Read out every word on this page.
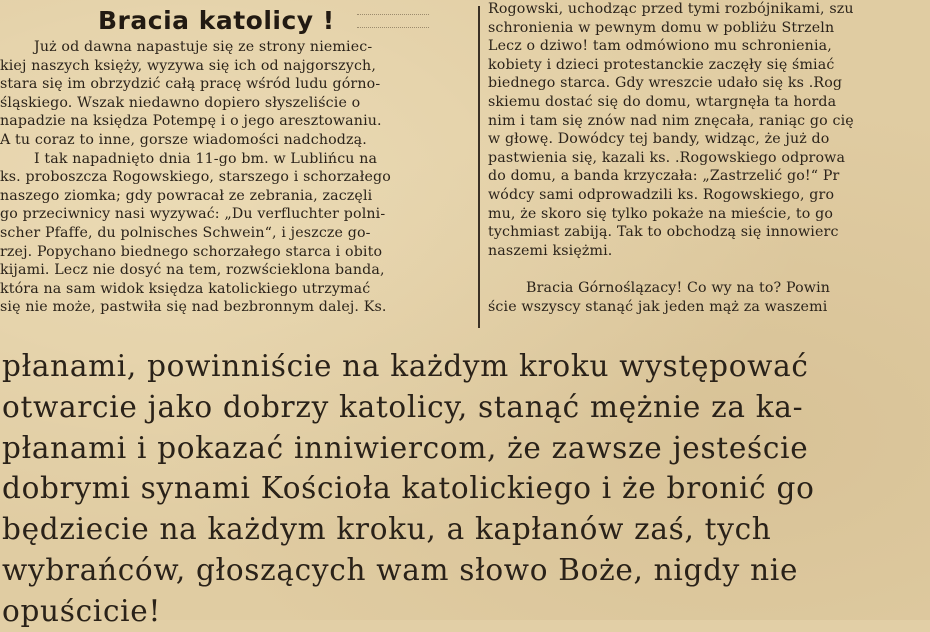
Bracia katolicy !
Już od dawna napastuje się ze strony niemiec-
kiej naszych księży, wyzywa się ich od najgorszych,
stara się im obrzydzić całą pracę wśród ludu górno-
śląskiego. Wszak niedawno dopiero słyszeliście o
napadzie na księdza Potempę i o jego aresztowaniu.
A tu coraz to inne, gorsze wiadomości nadchodzą.
I tak napadnięto dnia 11-go bm. w Lublińcu na
ks. proboszcza Rogowskiego, starszego i schorzałego
naszego ziomka; gdy powracał ze zebrania, zaczęli
go przeciwnicy nasi wyzywać: „Du verfluchter polni-
scher Pfaffe, du polnisches Schwein“, i jeszcze go-
rzej. Popychano biednego schorzałego starca i obito
kijami. Lecz nie dosyć na tem, rozwścieklona banda,
która na sam widok księdza katolickiego utrzymać
się nie może, pastwiła się nad bezbronnym dalej. Ks.
Rogowski, uchodząc przed tymi rozbójnikami, szu
schronienia w pewnym domu w pobliżu Strzeln
Lecz o dziwo! tam odmówiono mu schronienia,
kobiety i dzieci protestanckie zaczęły się śmiać
biednego starca. Gdy wreszcie udało się ks .Rog
skiemu dostać się do domu, wtargnęła ta horda
nim i tam się znów nad nim znęcała, raniąc go cię
w głowę. Dowódcy tej bandy, widząc, że już do
pastwienia się, kazali ks. .Rogowskiego odprowa
do domu, a banda krzyczała: „Zastrzelić go!“ Pr
wódcy sami odprowadzili ks. Rogowskiego, gro
mu, że skoro się tylko pokaże na mieście, to go
tychmiast zabiją. Tak to obchodzą się innowierc
naszemi księżmi.

Bracia Górnoślązacy! Co wy na to? Powin
ście wszyscy stanąć jak jeden mąż za waszemi
płanami, powinniście na każdym kroku występować
otwarcie jako dobrzy katolicy, stanąć mężnie za ka-
płanami i pokazać inniwiercom, że zawsze jesteście
dobrymi synami Kościoła katolickiego i że bronić go
będziecie na każdym kroku, a kapłanów zaś, tych
wybrańców, głoszących wam słowo Boże, nigdy nie
opuścicie!
